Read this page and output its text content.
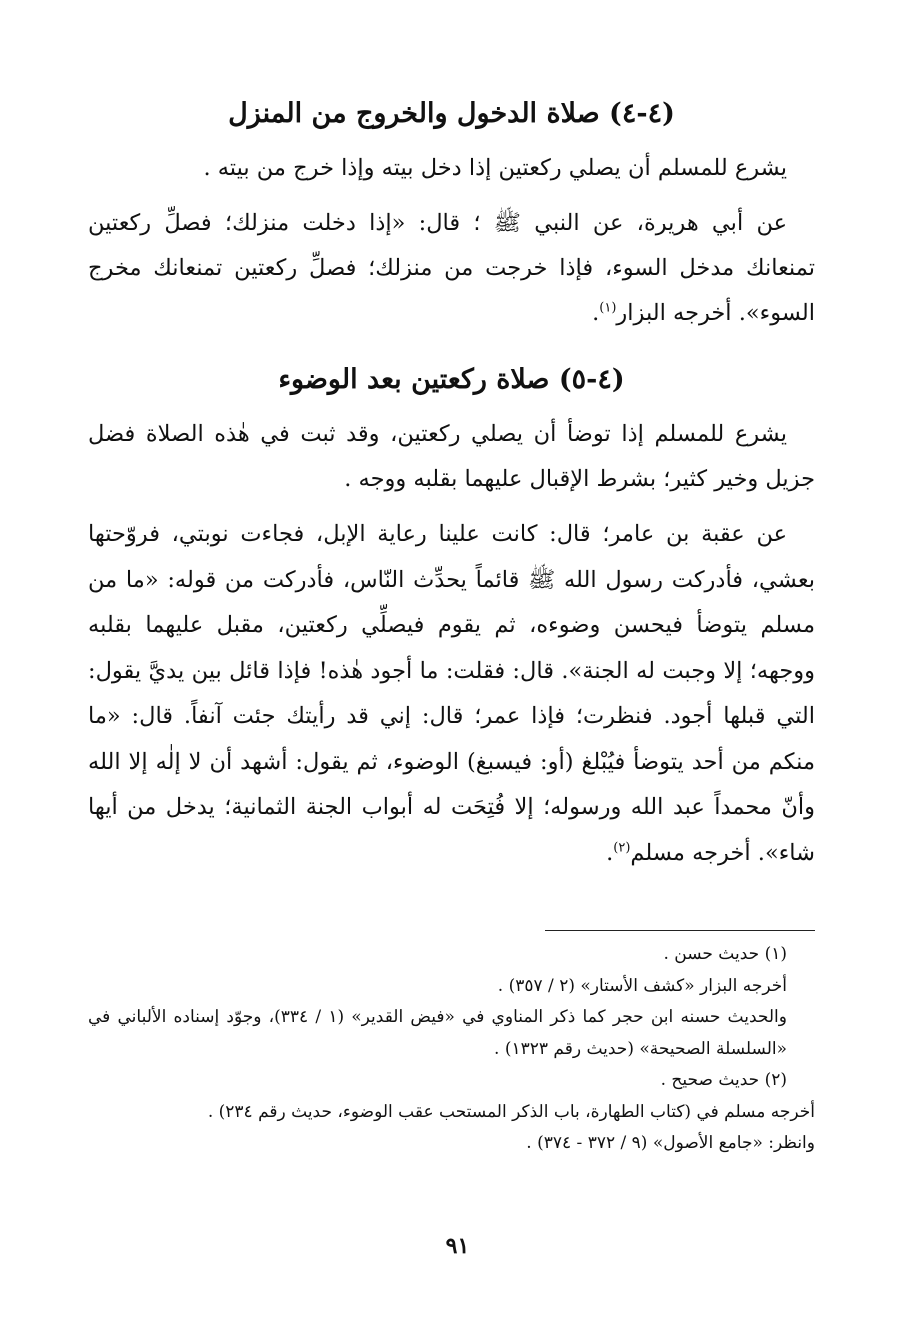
(٤-٤) صلاة الدخول والخروج من المنزل

يشرع للمسلم أن يصلي ركعتين إذا دخل بيته وإذا خرج من بيته .

عن أبي هريرة، عن النبي ﷺ ؛ قال: «إذا دخلت منزلك؛ فصلِّ ركعتين تمنعانك مدخل السوء، فإذا خرجت من منزلك؛ فصلِّ ركعتين تمنعانك مخرج السوء». أخرجه البزار$^{(١)}$.

(٤-٥) صلاة ركعتين بعد الوضوء

يشرع للمسلم إذا توضأ أن يصلي ركعتين، وقد ثبت في هٰذه الصلاة فضل جزيل وخير كثير؛ بشرط الإقبال عليهما بقلبه ووجه .

عن عقبة بن عامر؛ قال: كانت علينا رعاية الإبل، فجاءت نوبتي، فروّحتها بعشي، فأدركت رسول الله ﷺ قائماً يحدِّث النّاس، فأدركت من قوله: «ما من مسلم يتوضأ فيحسن وضوءه، ثم يقوم فيصلِّي ركعتين، مقبل عليهما بقلبه ووجهه؛ إلا وجبت له الجنة». قال: فقلت: ما أجود هٰذه! فإذا قائل بين يديَّ يقول: التي قبلها أجود. فنظرت؛ فإذا عمر؛ قال: إني قد رأيتك جئت آنفاً. قال: «ما منكم من أحد يتوضأ فيُبْلغ (أو: فيسبغ) الوضوء، ثم يقول: أشهد أن لا إلٰه إلا الله وأنّ محمداً عبد الله ورسوله؛ إلا فُتِحَت له أبواب الجنة الثمانية؛ يدخل من أيها شاء». أخرجه مسلم$^{(٢)}$.

(١) حديث حسن .

أخرجه البزار «كشف الأستار» (٢ / ٣٥٧) .

والحديث حسنه ابن حجر كما ذكر المناوي في «فيض القدير» (١ / ٣٣٤)، وجوّد إسناده الألباني في «السلسلة الصحيحة» (حديث رقم ١٣٢٣) .

(٢) حديث صحيح .

أخرجه مسلم في (كتاب الطهارة، باب الذكر المستحب عقب الوضوء، حديث رقم ٢٣٤) .

وانظر: «جامع الأصول» (٩ / ٣٧٢ - ٣٧٤) .

٩١
